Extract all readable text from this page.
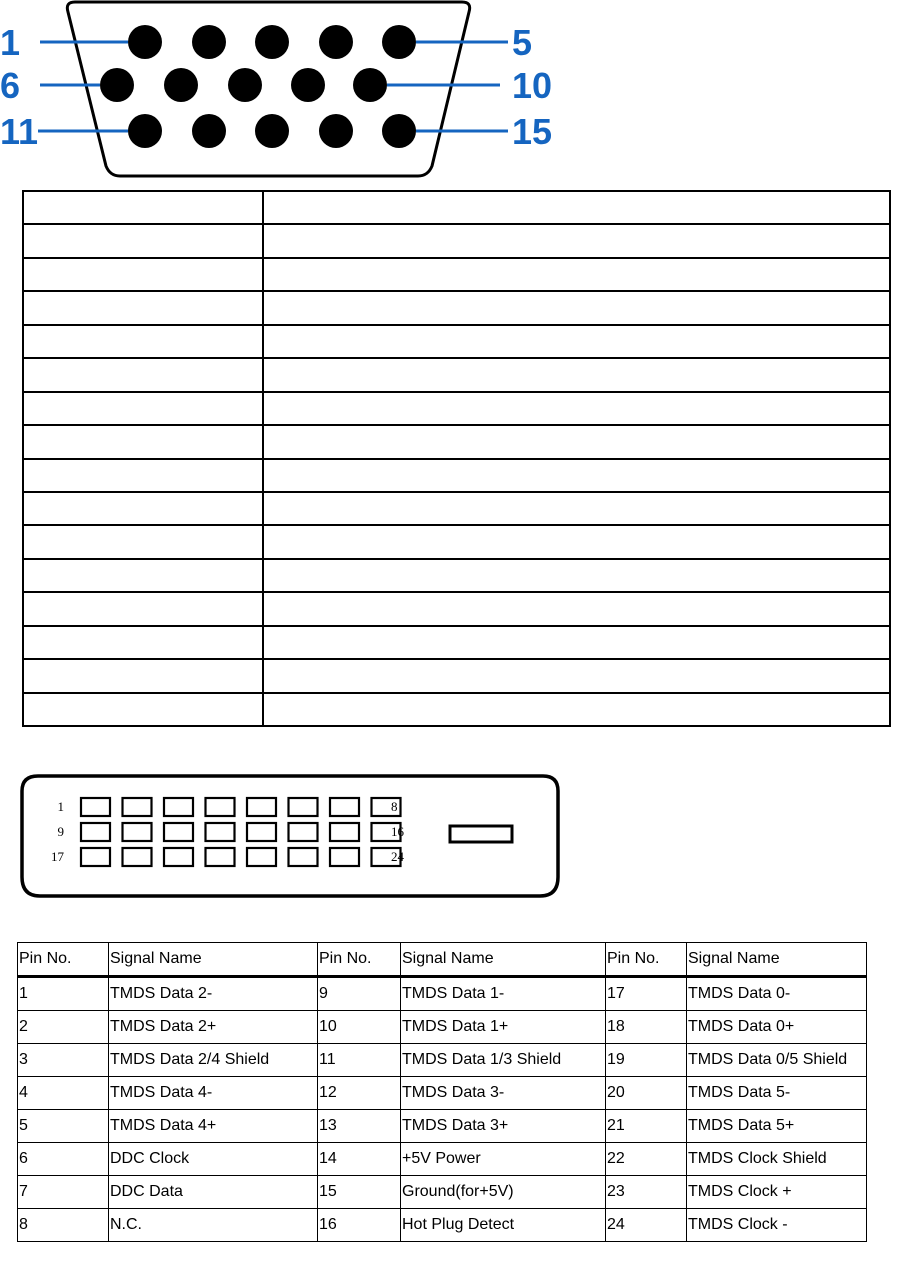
1	5
6	10
11	15

1	8
9	16
17	24
Pin No.	Signal Name	Pin No.	Signal Name	Pin No.	Signal Name
1	TMDS Data 2-	9	TMDS Data 1-	17	TMDS Data 0-
2	TMDS Data 2+	10	TMDS Data 1+	18	TMDS Data 0+
3	TMDS Data 2/4 Shield	11	TMDS Data 1/3 Shield	19	TMDS Data 0/5 Shield
4	TMDS Data 4-	12	TMDS Data 3-	20	TMDS Data 5-
5	TMDS Data 4+	13	TMDS Data 3+	21	TMDS Data 5+
6	DDC Clock	14	+5V Power	22	TMDS Clock Shield
7	DDC Data	15	Ground(for+5V)	23	TMDS Clock +
8	N.C.	16	Hot Plug Detect	24	TMDS Clock -
